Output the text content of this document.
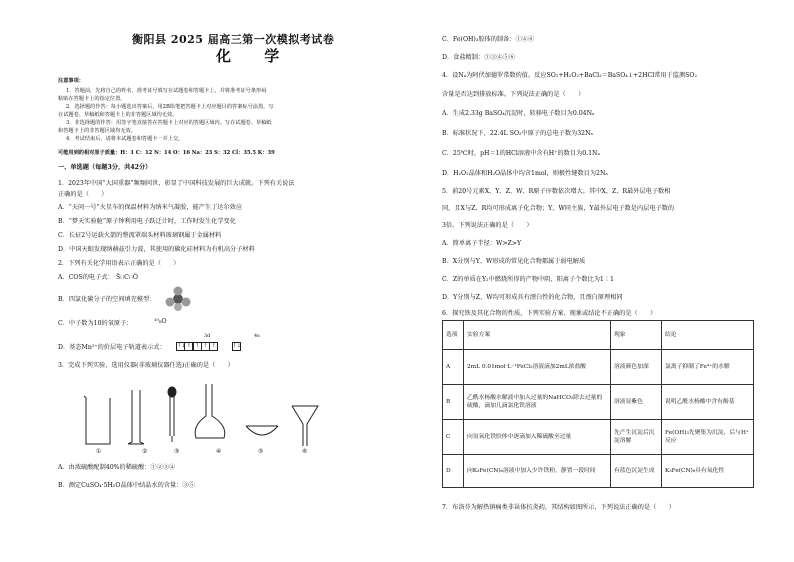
衡阳县 2025 届高三第一次模拟考试卷
化 学
注意事项：
1．答题前，先将自己的姓名、准考证号填写在试题卷和答题卡上，并将准考证号条形码
粘贴在答题卡上的指定位置。
2．选择题的作答：每小题选出答案后，用2B铅笔把答题卡上对应题目的答案标号涂黑，写
在试题卷、草稿纸和答题卡上的非答题区域均无效。
3．非选择题的作答：用签字笔直接答在答题卡上对应的答题区域内。写在试题卷、草稿纸
和答题卡上的非答题区域均无效。
4．考试结束后，请将本试题卷和答题卡一并上交。
可能用到的相对原子质量：H：1 C：12 N：14 O：16 Na：23 S：32 Cl：35.5 K：39
一、单选题（每题3分，共42分）
1．2023年中国“大国重器”频频问世，彰显了中国科技发展的巨大成就。下列有关说法
正确的是（　　）
A．“天问一号”火星车的保温材料为纳米气凝胶，能产生丁达尔效应
B．“梦天实验舱”原子钟利用电子跃迁计时，工作时发生化学变化
C．长征2号运载火箭的整流罩端头材料玻璃钢属于金属材料
D．中国天眼发现纳赫兹引力波，其使用的碳化硅材料为有机高分子材料
2．下列有关化学用语表示正确的是（　　）
A．COS的电子式： S̈∷C∷Ö
B．四氯化碳分子的空间填充模型：
C．中子数为10的氧原子：	¹⁰₈O
D．基态Mn²⁺的价层电子轨道表示式：
3d	4s
↑↓↑ ↑ ↑ ↑	↑↓
3．完成下列实验，选用仪器(非玻璃仪器任选)正确的是（　　）
①	②	③	④	⑤	⑥
A．由浓硫酸配制40%的稀硫酸：①②③④
B．测定CuSO₄·5H₂O晶体中结晶水的含量：③⑤
C．Fe(OH)₃胶体的制备：①④⑥
D．食盐精制：①③④⑤⑥
4．设Nₐ为阿伏加德罗常数的值。反应SO₂+H₂O₂+BaCl₂＝BaSO₄↓+2HCl常用于监测SO₂
含量是否达到排放标准。下列说法正确的是（　　）
A．生成2.33g BaSO₄沉淀时，转移电子数目为0.04Nₐ
B．标准状况下，22.4L SO₂中原子的总电子数为32Nₐ
C．25℃时，pH＝1的HCl溶液中含有H⁺的数目为0.1Nₐ
D．H₂O₂晶体和H₂O晶体中均含1mol，则极性键数目为2Nₐ
5．前20号元素X、Y、Z、W、R原子序数依次增大。其中X、Z、R最外层电子数相
同，且X与Z、R均可形成离子化合物；Y、W同主族，Y最外层电子数是内层电子数的
3倍。下列说法正确的是（　　）
A．简单离子半径：W>Z>Y
B．X分别与Y、W形成的常见化合物都属于弱电解质
C．Z的单质在Y₂中燃烧所得的产物中阴、阳离子个数比为1∶1
D．Y分别与Z、W均可形成具有漂白性的化合物，且漂白原理相同
6．探究铁及其化合物的性质，下列实验方案、现象或结论不正确的是（　　）
选项	实验方案	现象	结论
A	2mL 0.01mol·L⁻¹FeCl₃溶液滴加2mL浓盐酸	溶液颜色加深	氯离子抑制了Fe³⁺的水解
B	乙酰水杨酸水解液中加入过量的NaHCO₃除去过量的硫酸，滴加几滴氯化铁溶液	溶液显紫色	说明乙酰水杨酸中含有酚基
C	向氢氧化铁胶体中逐滴加入稀硫酸至过量	先产生沉淀后沉淀溶解	Fe(OH)₃先聚集为沉淀，后与H⁺反应
D	向K₃Fe(CN)₆溶液中加入少许铁粉，静置一段时间	有蓝色沉淀生成	K₃Fe(CN)₆具有氧化性
7．布洛芬为解热镇痛类非甾体抗炎药，其结构如图所示，下列说法正确的是（　　）
